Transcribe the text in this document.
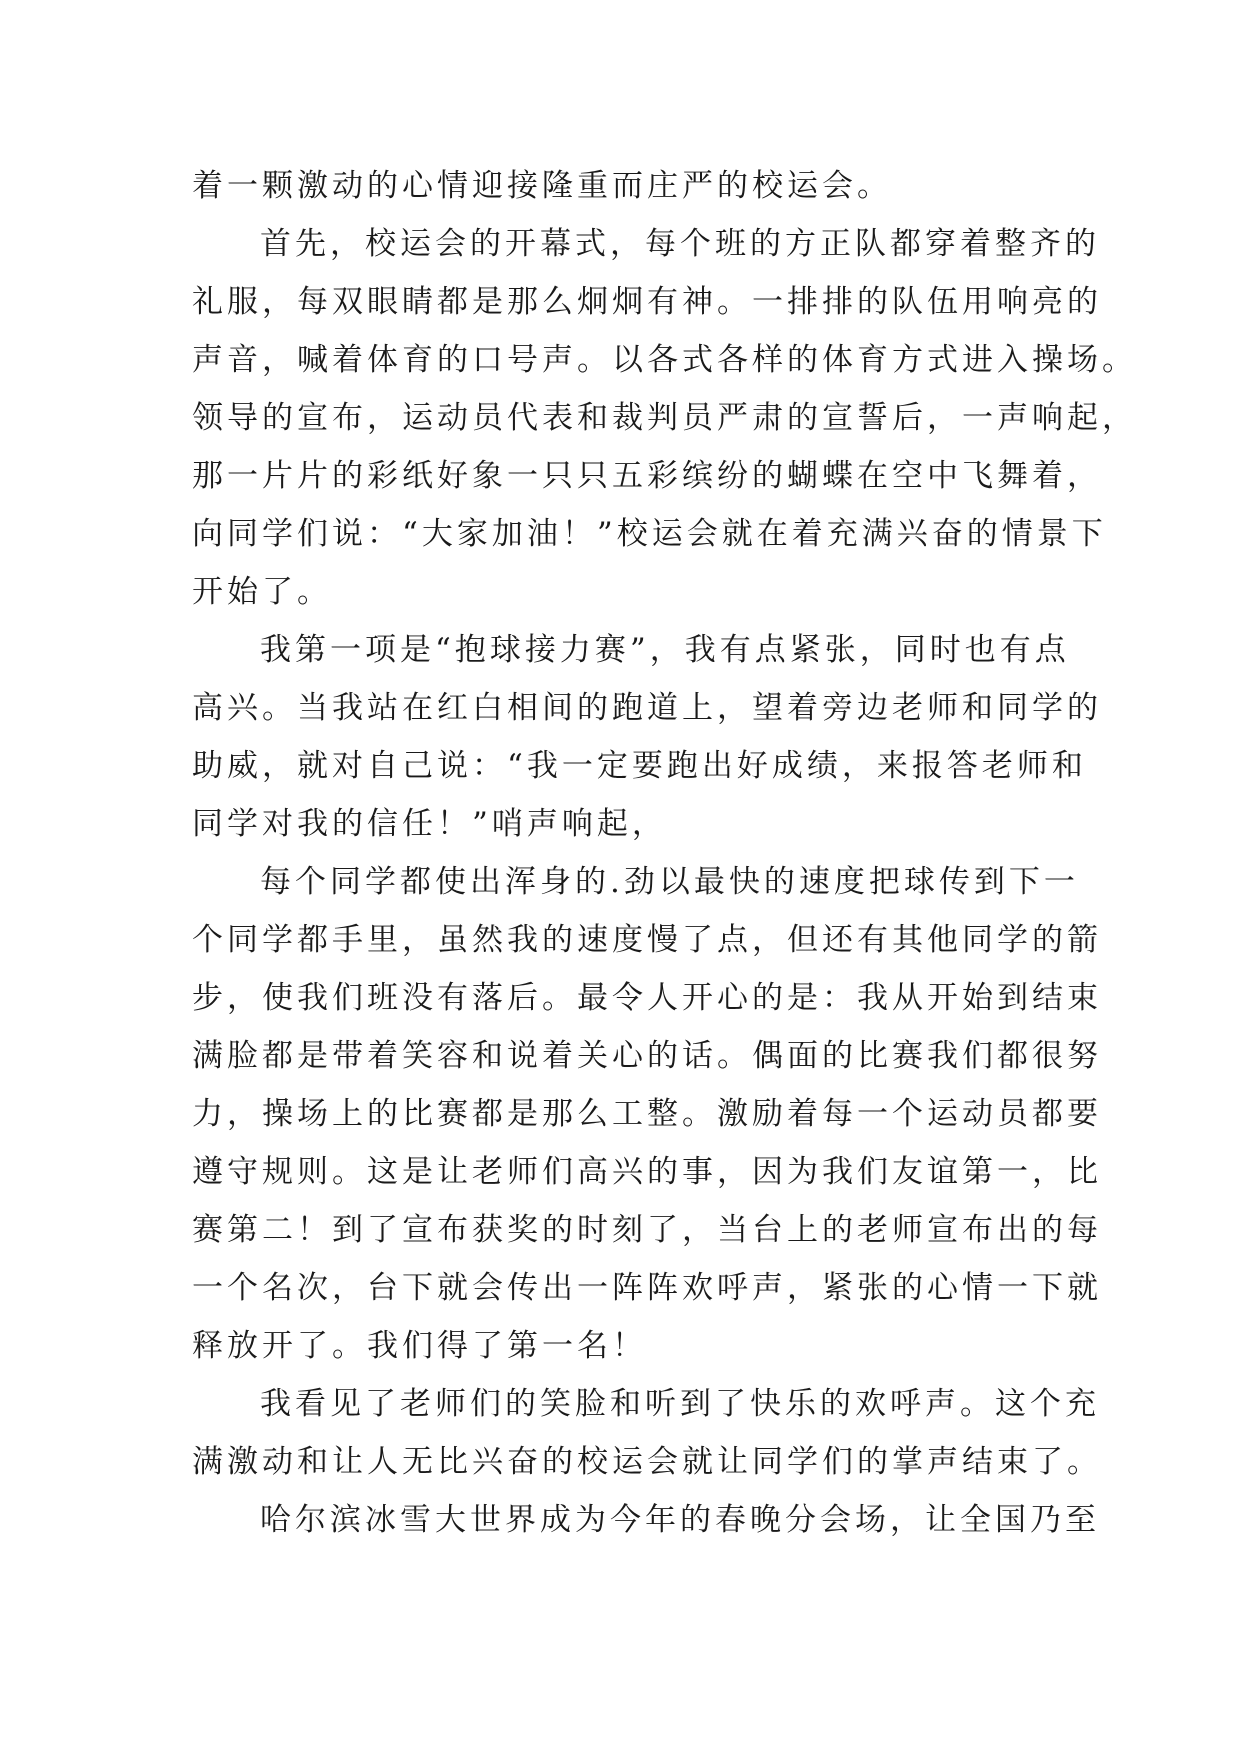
着一颗激动的心情迎接隆重而庄严的校运会。
首先，校运会的开幕式，每个班的方正队都穿着整齐的
礼服，每双眼睛都是那么炯炯有神。一排排的队伍用响亮的
声音，喊着体育的口号声。以各式各样的体育方式进入操场。
领导的宣布，运动员代表和裁判员严肃的宣誓后，一声响起，
那一片片的彩纸好象一只只五彩缤纷的蝴蝶在空中飞舞着，
向同学们说：“大家加油！”校运会就在着充满兴奋的情景下
开始了。
我第一项是“抱球接力赛”，我有点紧张，同时也有点
高兴。当我站在红白相间的跑道上，望着旁边老师和同学的
助威，就对自己说：“我一定要跑出好成绩，来报答老师和
同学对我的信任！”哨声响起，
每个同学都使出浑身的.劲以最快的速度把球传到下一
个同学都手里，虽然我的速度慢了点，但还有其他同学的箭
步，使我们班没有落后。最令人开心的是：我从开始到结束
满脸都是带着笑容和说着关心的话。偶面的比赛我们都很努
力，操场上的比赛都是那么工整。激励着每一个运动员都要
遵守规则。这是让老师们高兴的事，因为我们友谊第一，比
赛第二！到了宣布获奖的时刻了，当台上的老师宣布出的每
一个名次，台下就会传出一阵阵欢呼声，紧张的心情一下就
释放开了。我们得了第一名！
我看见了老师们的笑脸和听到了快乐的欢呼声。这个充
满激动和让人无比兴奋的校运会就让同学们的掌声结束了。
哈尔滨冰雪大世界成为今年的春晚分会场，让全国乃至
